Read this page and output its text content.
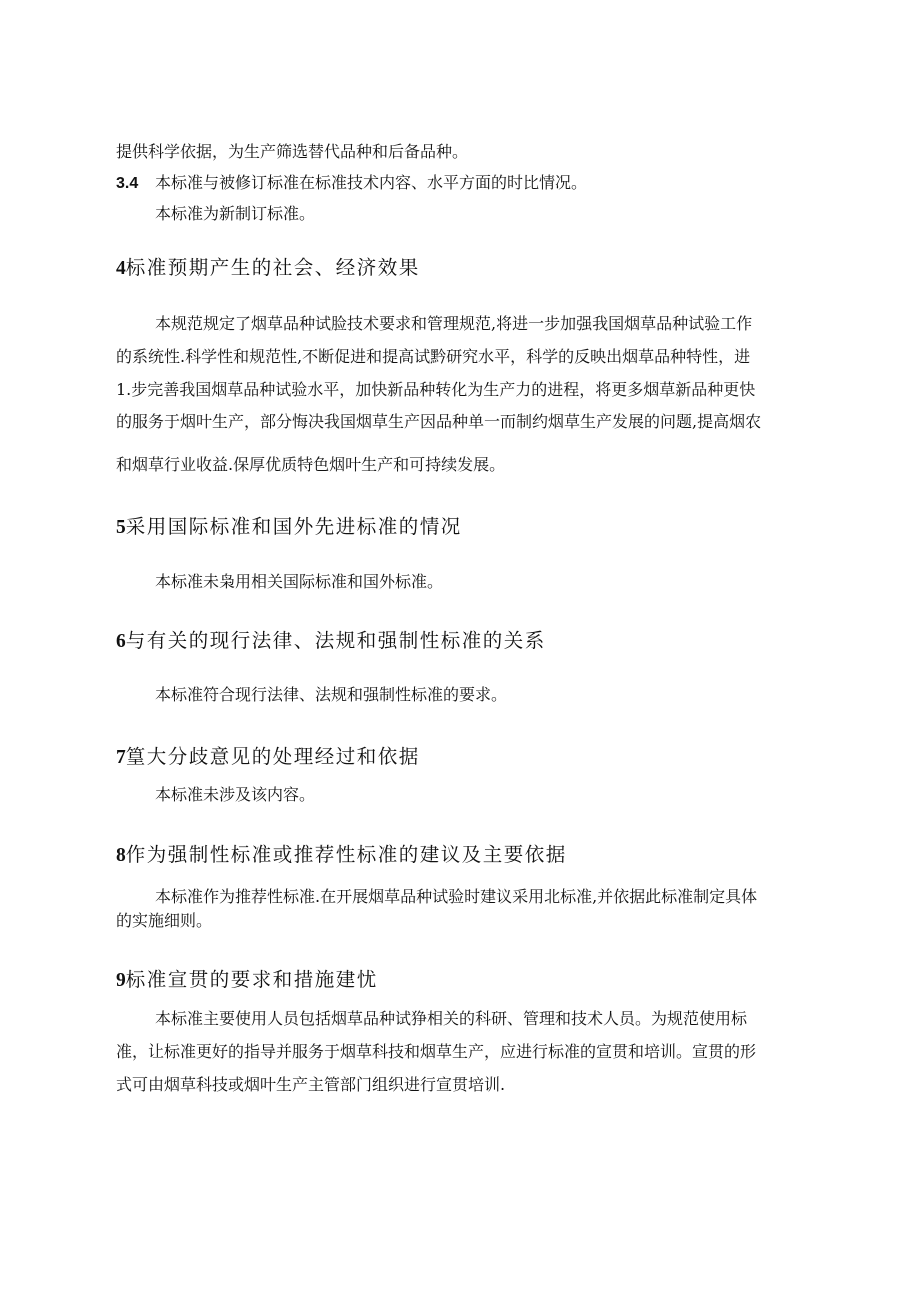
提供科学依据，为生产筛选替代品种和后备品种。
3.4 本标准与被修订标准在标准技术内容、水平方面的时比情况。
本标准为新制订标准。
4标准预期产生的社会、经济效果
本规范规定了烟草品种试脸技术要求和管理规范,将进一步加强我国烟草品种试验工作
的系统性.科学性和规范性,不断促进和提高试黔研究水平，科学的反映出烟草品种特性，进
1.步完善我国烟草品种试验水平，加快新品种转化为生产力的进程，将更多烟草新品种更快
的服务于烟叶生产，部分悔决我国烟草生产因品种单一而制约烟草生产发展的问题,提高烟农
和烟草行业收益.保厚优质特色烟叶生产和可持续发展。
5采用国际标准和国外先进标准的情况
本标准未枭用相关国际标准和国外标准。
6与有关的现行法律、法规和强制性标准的关系
本标准符合现行法律、法规和强制性标准的要求。
7篁大分歧意见的处理经过和依据
本标准未涉及该内容。
8作为强制性标准或推荐性标准的建议及主要依据
本标准作为推荐性标准.在开展烟草品种试验时建议采用北标准,并依据此标准制定具体
的实施细则。
9标准宣贯的要求和措施建忧
本标准主要使用人员包括烟草品种试狰相关的科研、管理和技术人员。为规范使用标
准，让标准更好的指导并服务于烟草科技和烟草生产，应进行标准的宣贯和培训。宣贯的形
式可由烟草科技或烟叶生产主管部门组织进行宣贯培训.
